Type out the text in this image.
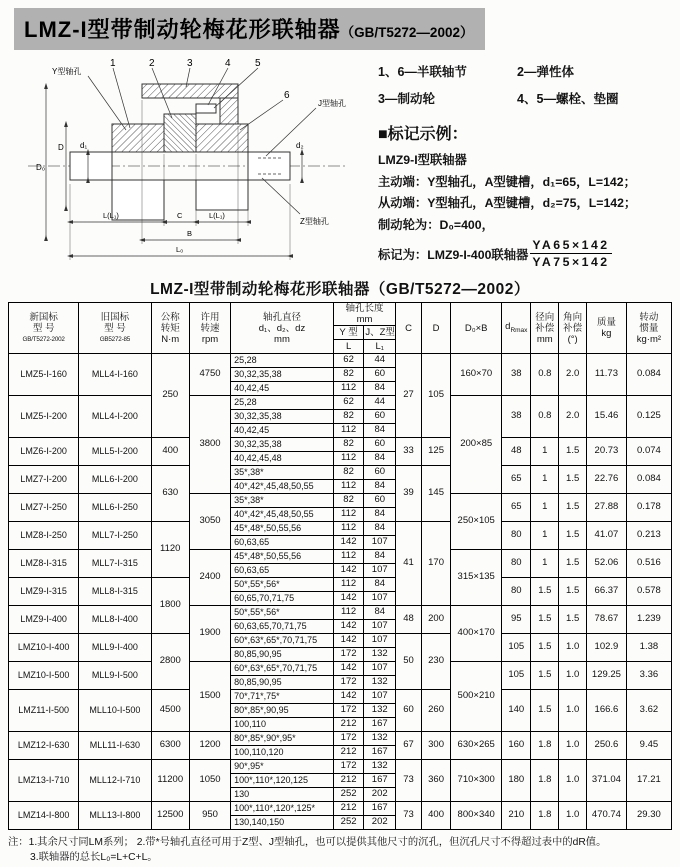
LMZ-I型带制动轮梅花形联轴器（GB/T5272—2002）
1	2	3	4 5
6
Y型轴孔
J型轴孔
Z型轴孔
D₀
D d₁	d₂
L(L₁)	C	L(L₁)
B
L₀
1、6—半联轴节	2—弹性体
3—制动轮	4、5—螺栓、垫圈
■标记示例：
LMZ9-I型联轴器
主动端：Y型轴孔，A型键槽，d₁=65，L=142；
从动端：Y型轴孔，A型键槽，d₂=75，L=142；
制动轮为：D₀=400，
标记为：LMZ9-I-400联轴器 $\frac{YA65\times 142}{YA75\times 142}$
LMZ-I型带制动轮梅花形联轴器（GB/T5272—2002）
新国标
型 号
GB/T5272-2002	旧国标
型 号
GB5272-85	公称
转矩
N·m	许用
转速
rpm	轴孔直径
d₁、d₂、dz
mm	轴孔长度
mm		C	D	D₀×B	$d_{Rmax}$	径向
补偿
mm	角向
补偿
(°)	质量
kg	转动
惯量
kg·m²

					Y 型	J、Z型								
					L	L₁								
LMZ5-I-160	MLL4-I-160	250	4750	25,28	62	44	27	105	160×70	38	0.8	2.0	11.73	0.084
				30,32,35,38	82	60								
				40,42,45	112	84								
LMZ5-I-200	MLL4-I-200		3800	25,28	62	44			200×85	38	0.8	2.0	15.46	0.125
				30,32,35,38	82	60								
				40,42,45	112	84								
LMZ6-I-200	MLL5-I-200	400		30,32,35,38	82	60	33	125		48	1	1.5	20.73	0.074
				40,42,45,48	112	84								
LMZ7-I-200	MLL6-I-200	630		35*,38*	82	60	39	145		65	1	1.5	22.76	0.084
				40*,42*,45,48,50,55	112	84								
LMZ7-I-250	MLL6-I-250		3050	35*,38*	82	60			250×105	65	1	1.5	27.88	0.178
				40*,42*,45,48,50,55	112	84								
LMZ8-I-250	MLL7-I-250	1120		45*,48*,50,55,56	112	84	41	170		80	1	1.5	41.07	0.213
				60,63,65	142	107								
LMZ8-I-315	MLL7-I-315		2400	45*,48*,50,55,56	112	84			315×135	80	1	1.5	52.06	0.516
				60,63,65	142	107								
LMZ9-I-315	MLL8-I-315	1800		50*,55*,56*	112	84				80	1.5	1.5	66.37	0.578
				60,65,70,71,75	142	107								
LMZ9-I-400	MLL8-I-400		1900	50*,55*,56*	112	84	48	200	400×170	95	1.5	1.5	78.67	1.239
				60,63,65,70,71,75	142	107								
LMZ10-I-400	MLL9-I-400	2800		60*,63*,65*,70,71,75	142	107	50	230		105	1.5	1.0	102.9	1.38
				80,85,90,95	172	132								
LMZ10-I-500	MLL9-I-500		1500	60*,63*,65*,70,71,75	142	107			500×210	105	1.5	1.0	129.25	3.36
				80,85,90,95	172	132								
LMZ11-I-500	MLL10-I-500	4500		70*,71*,75*	142	107	60	260		140	1.5	1.0	166.6	3.62
				80*,85*,90,95	172	132								
				100,110	212	167								
LMZ12-I-630	MLL11-I-630	6300	1200	80*,85*,90*,95*	172	132	67	300	630×265	160	1.8	1.0	250.6	9.45
				100,110,120	212	167								
LMZ13-I-710	MLL12-I-710	11200	1050	90*,95*	172	132	73	360	710×300	180	1.8	1.0	371.04	17.21
				100*,110*,120,125	212	167								
				130	252	202								
LMZ14-I-800	MLL13-I-800	12500	950	100*,110*,120*,125*	212	167	73	400	800×340	210	1.8	1.0	470.74	29.30
				130,140,150	252	202								
注：1.其余尺寸同LM系列； 2.带*号轴孔直径可用于Z型、J型轴孔，也可以提供其他尺寸的沉孔，但沉孔尺寸不得超过表中的dR值。
3.联轴器的总长L₀=L+C+L。
